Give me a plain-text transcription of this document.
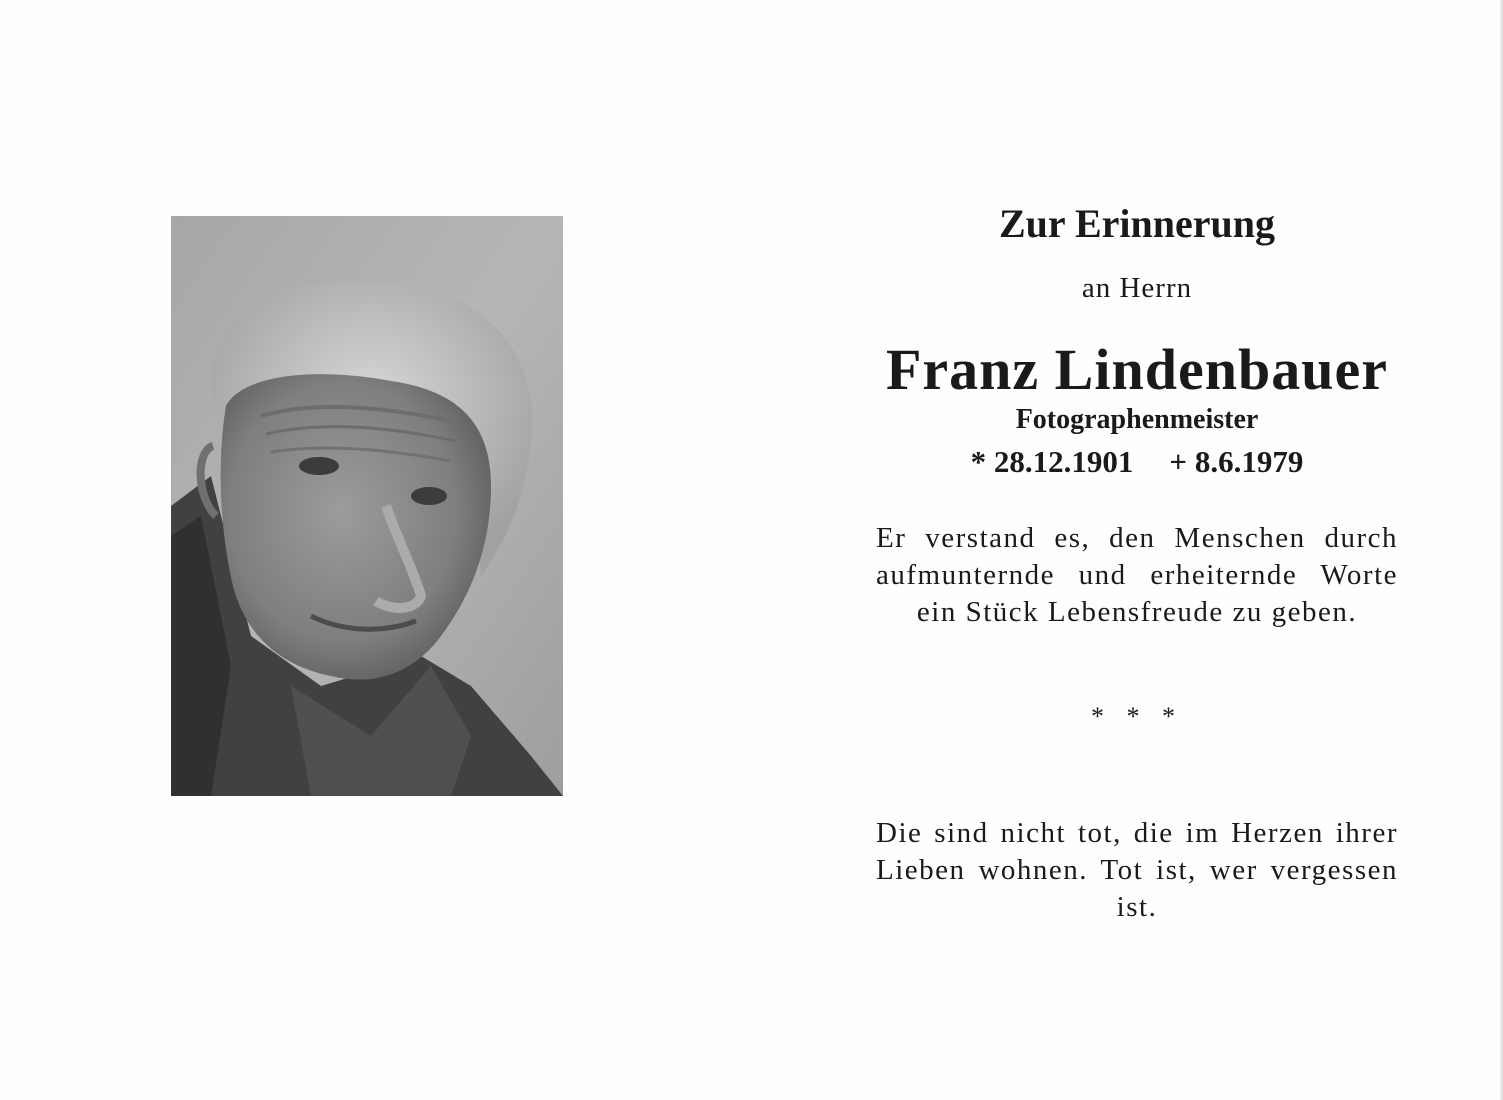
Zur Erinnerung
an Herrn
Franz Lindenbauer
Fotographenmeister
* 28.12.1901 + 8.6.1979
Er verstand es, den Menschen durch aufmunternde und erheiternde Worte ein Stück Lebensfreude zu geben.
* * *
Die sind nicht tot, die im Herzen ihrer Lieben wohnen. Tot ist, wer vergessen ist.
